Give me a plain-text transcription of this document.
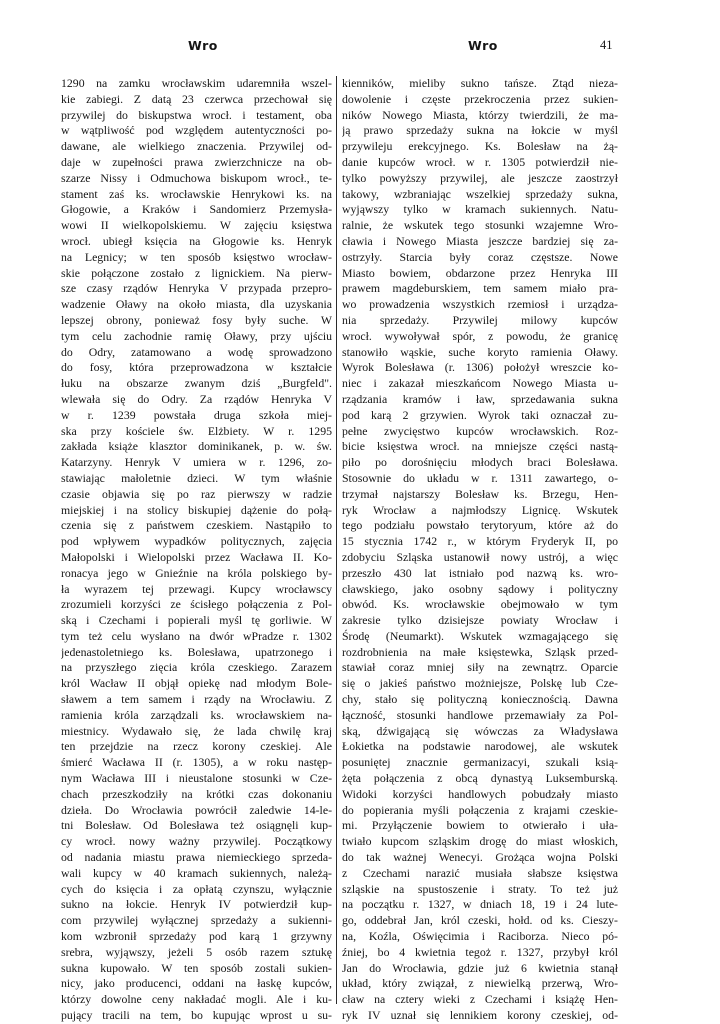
Wro	Wro	41
1290 na zamku wrocławskim udaremniła wszel-
kie zabiegi. Z datą 23 czerwca przechował się
przywilej do biskupstwa wrocł. i testament, oba
w wątpliwość pod względem autentyczności po-
dawane, ale wielkiego znaczenia. Przywilej od-
daje w zupełności prawa zwierzchnicze na ob-
szarze Nissy i Odmuchowa biskupom wrocł., te-
stament zaś ks. wrocławskie Henrykowi ks. na
Głogowie, a Kraków i Sandomierz Przemysła-
wowi II wielkopolskiemu. W zajęciu księstwa
wrocł. ubiegł księcia na Głogowie ks. Henryk
na Legnicy; w ten sposób księstwo wrocław-
skie połączone zostało z lignickiem. Na pierw-
sze czasy rządów Henryka V przypada przepro-
wadzenie Oławy na około miasta, dla uzyskania
lepszej obrony, ponieważ fosy były suche. W
tym celu zachodnie ramię Oławy, przy ujściu
do Odry, zatamowano a wodę sprowadzono
do fosy, która przeprowadzona w kształcie
łuku na obszarze zwanym dziś „Burgfeld".
wlewała się do Odry. Za rządów Henryka V
w r. 1239 powstała druga szkoła miej-
ska przy kościele św. Elżbiety. W r. 1295
zakłada książe klasztor dominikanek, p. w. św.
Katarzyny. Henryk V umiera w r. 1296, zo-
stawiając małoletnie dzieci. W tym właśnie
czasie objawia się po raz pierwszy w radzie
miejskiej i na stolicy biskupiej dążenie do połą-
czenia się z państwem czeskiem. Nastąpiło to
pod wpływem wypadków politycznych, zajęcia
Małopolski i Wielopolski przez Wacława II. Ko-
ronacya jego w Gnieźnie na króla polskiego by-
ła wyrazem tej przewagi. Kupcy wrocławscy
zrozumieli korzyści ze ścisłego połączenia z Pol-
ską i Czechami i popierali myśl tę gorliwie. W
tym też celu wysłano na dwór wPradze r. 1302
jedenastoletniego ks. Bolesława, upatrzonego i
na przyszłego zięcia króla czeskiego. Zarazem
król Wacław II objął opiekę nad młodym Bole-
sławem a tem samem i rządy na Wrocławiu. Z
ramienia króla zarządzali ks. wrocławskiem na-
miestnicy. Wydawało się, że lada chwilę kraj
ten przejdzie na rzecz korony czeskiej. Ale
śmierć Wacława II (r. 1305), a w roku następ-
nym Wacława III i nieustalone stosunki w Cze-
chach przeszkodziły na krótki czas dokonaniu
dzieła. Do Wrocławia powrócił zaledwie 14-le-
tni Bolesław. Od Bolesława też osiągnęli kup-
cy wrocł. nowy ważny przywilej. Początkowy
od nadania miastu prawa niemieckiego sprzeda-
wali kupcy w 40 kramach sukiennych, należą-
cych do księcia i za opłatą czynszu, wyłącznie
sukno na łokcie. Henryk IV potwierdził kup-
com przywilej wyłącznej sprzedaży a sukienni-
kom wzbronił sprzedaży pod karą 1 grzywny
srebra, wyjąwszy, jeżeli 5 osób razem sztukę
sukna kupowało. W ten sposób zostali sukien-
nicy, jako producenci, oddani na łaskę kupców,
którzy dowolne ceny nakładać mogli. Ale i ku-
pujący tracili na tem, bo kupując wprost u su-
kienników, mieliby sukno tańsze. Ztąd nieza-
dowolenie i częste przekroczenia przez sukien-
ników Nowego Miasta, którzy twierdzili, że ma-
ją prawo sprzedaży sukna na łokcie w myśl
przywileju erekcyjnego. Ks. Bolesław na żą-
danie kupców wrocł. w r. 1305 potwierdził nie-
tylko powyższy przywilej, ale jeszcze zaostrzył
takowy, wzbraniając wszelkiej sprzedaży sukna,
wyjąwszy tylko w kramach sukiennych. Natu-
ralnie, że wskutek tego stosunki wzajemne Wro-
cławia i Nowego Miasta jeszcze bardziej się za-
ostrzyły. Starcia były coraz częstsze. Nowe
Miasto bowiem, obdarzone przez Henryka III
prawem magdeburskiem, tem samem miało pra-
wo prowadzenia wszystkich rzemiosł i urządza-
nia sprzedaży. Przywilej milowy kupców
wrocł. wywoływał spór, z powodu, że granicę
stanowiło wąskie, suche koryto ramienia Oławy.
Wyrok Bolesława (r. 1306) położył wreszcie ko-
niec i zakazał mieszkańcom Nowego Miasta u-
rządzania kramów i ław, sprzedawania sukna
pod karą 2 grzywien. Wyrok taki oznaczał zu-
pełne zwycięstwo kupców wrocławskich. Roz-
bicie księstwa wrocł. na mniejsze części nastą-
piło po dorośnięciu młodych braci Bolesława.
Stosownie do układu w r. 1311 zawartego, o-
trzymał najstarszy Bolesław ks. Brzegu, Hen-
ryk Wrocław a najmłodszy Lignicę. Wskutek
tego podziału powstało terytoryum, które aż do
15 stycznia 1742 r., w którym Fryderyk II, po
zdobyciu Szląska ustanowił nowy ustrój, a więc
przeszło 430 lat istniało pod nazwą ks. wro-
cławskiego, jako osobny sądowy i polityczny
obwód. Ks. wrocławskie obejmowało w tym
zakresie tylko dzisiejsze powiaty Wrocław i
Środę (Neumarkt). Wskutek wzmagającego się
rozdrobnienia na małe księstewka, Szląsk przed-
stawiał coraz mniej siły na zewnątrz. Oparcie
się o jakieś państwo możniejsze, Polskę lub Cze-
chy, stało się polityczną koniecznością. Dawna
łączność, stosunki handlowe przemawiały za Pol-
ską, dźwigającą się wówczas za Władysława
Łokietka na podstawie narodowej, ale wskutek
posuniętej znacznie germanizacyi, szukali ksią-
żęta połączenia z obcą dynastyą Luksemburską.
Widoki korzyści handlowych pobudzały miasto
do popierania myśli połączenia z krajami czeskie-
mi. Przyłączenie bowiem to otwierało i uła-
twiało kupcom szląskim drogę do miast włoskich,
do tak ważnej Wenecyi. Grożąca wojna Polski
z Czechami narazić musiała słabsze księstwa
szląskie na spustoszenie i straty. To też już
na początku r. 1327, w dniach 18, 19 i 24 lute-
go, oddebrał Jan, król czeski, hołd. od ks. Cieszy-
na, Koźla, Oświęcimia i Raciborza. Nieco pó-
źniej, bo 4 kwietnia tegoż r. 1327, przybył król
Jan do Wrocławia, gdzie już 6 kwietnia stanął
układ, który związał, z niewielką przerwą, Wro-
cław na cztery wieki z Czechami i książę Hen-
ryk IV uznał się lennikiem korony czeskiej, od-
